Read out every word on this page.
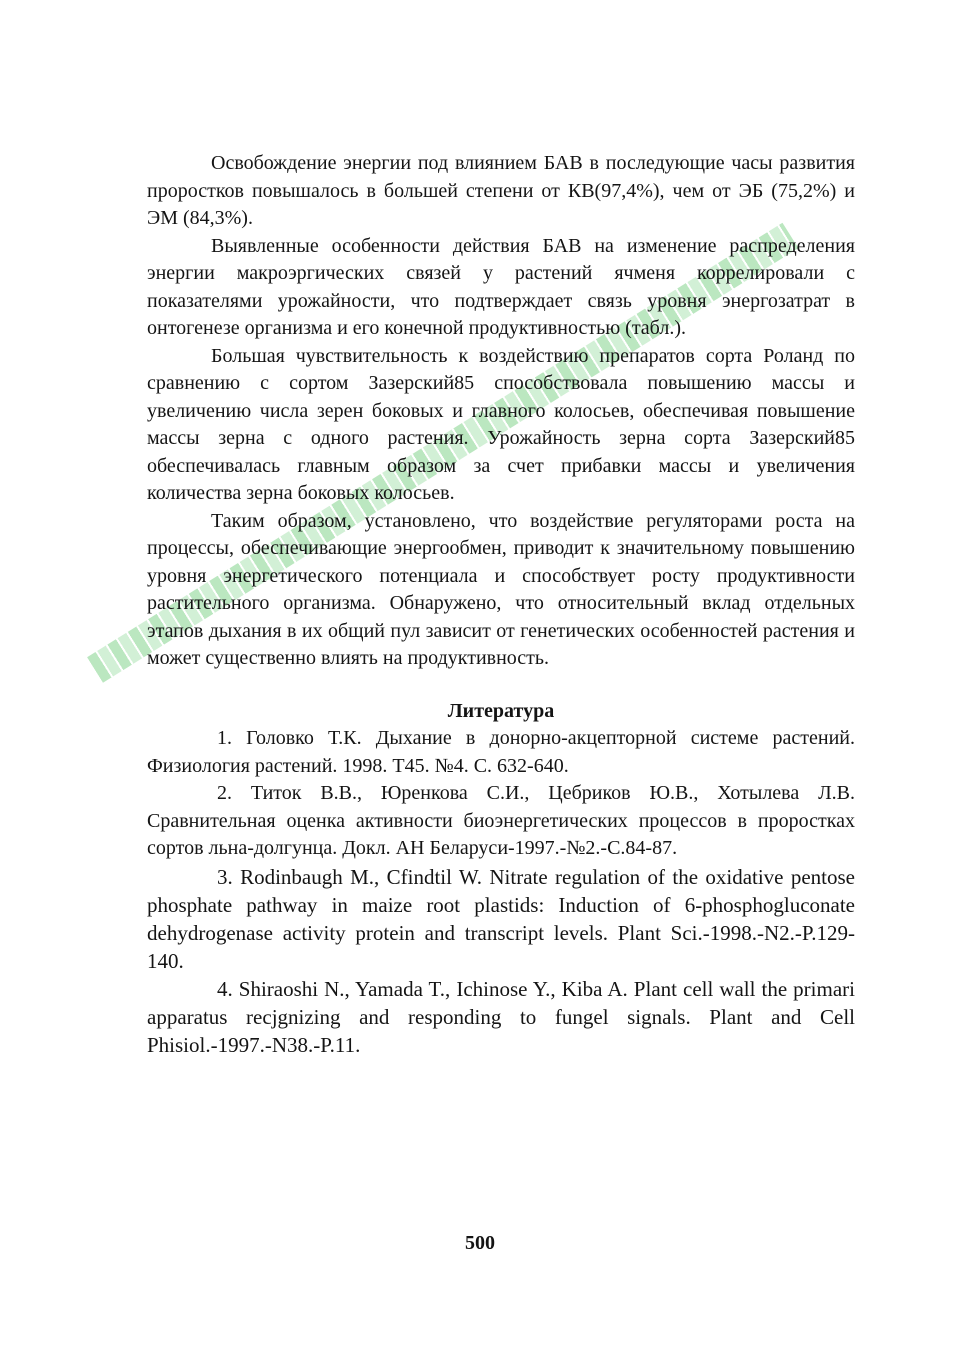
Освобождение энергии под влиянием БАВ в последующие часы развития проростков повышалось в большей степени от КВ(97,4%), чем от ЭБ (75,2%) и ЭМ (84,3%).

Выявленные особенности действия БАВ на изменение распределения энергии макроэргических связей у растений ячменя коррелировали с показателями урожайности, что подтверждает связь уровня энергозатрат в онтогенезе организма и его конечной продуктивностью (табл.).

Большая чувствительность к воздействию препаратов сорта Роланд по сравнению с сортом Зазерский85 способствовала повышению массы и увеличению числа зерен боковых и главного колосьев, обеспечивая повышение массы зерна с одного растения. Урожайность зерна сорта Зазерский85 обеспечивалась главным образом за счет прибавки массы и увеличения количества зерна боковых колосьев.

Таким образом, установлено, что воздействие регуляторами роста на процессы, обеспечивающие энергообмен, приводит к значительному повышению уровня энергетического потенциала и способствует росту продуктивности растительного организма. Обнаружено, что относительный вклад отдельных этапов дыхания в их общий пул зависит от генетических особенностей растения и может существенно влиять на продуктивность.

Литература

1. Головко Т.К. Дыхание в донорно-акцепторной системе растений. Физиология растений. 1998. Т45. №4. С. 632-640.

2. Титок В.В., Юренкова С.И., Цебриков Ю.В., Хотылева Л.В. Сравнительная оценка активности биоэнергетических процессов в проростках сортов льна-долгунца. Докл. АН Беларуси-1997.-№2.-С.84-87.

3. Rodinbaugh M., Cfindtil W. Nitrate regulation of the oxidative pentose phosphate pathway in maize root plastids: Induction of 6-phosphogluconate dehydrogenase activity protein and transcript levels. Plant Sci.-1998.-N2.-P.129-140.

4. Shiraoshi N., Yamada T., Ichinose Y., Kiba A. Plant cell wall the primari apparatus recjgnizing and responding to fungel signals. Plant and Cell Phisiol.-1997.-N38.-P.11.

500
